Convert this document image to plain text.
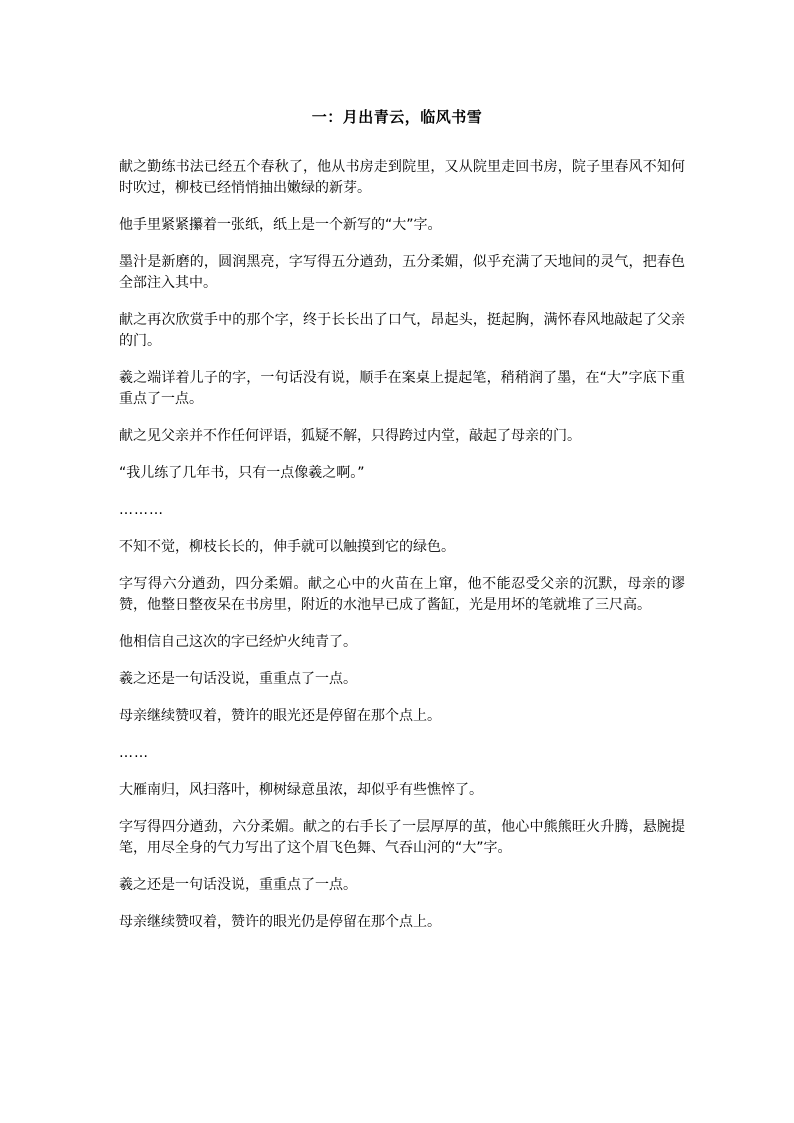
一：月出青云，临风书雪

献之勤练书法已经五个春秋了，他从书房走到院里，又从院里走回书房，院子里春风不知何时吹过，柳枝已经悄悄抽出嫩绿的新芽。

他手里紧紧攥着一张纸，纸上是一个新写的“大”字。

墨汁是新磨的，圆润黑亮，字写得五分遒劲，五分柔媚，似乎充满了天地间的灵气，把春色全部注入其中。

献之再次欣赏手中的那个字，终于长长出了口气，昂起头，挺起胸，满怀春风地敲起了父亲的门。

羲之端详着儿子的字，一句话没有说，顺手在案桌上提起笔，稍稍润了墨，在“大”字底下重重点了一点。

献之见父亲并不作任何评语，狐疑不解，只得跨过内堂，敲起了母亲的门。

“我儿练了几年书，只有一点像羲之啊。”

………

不知不觉，柳枝长长的，伸手就可以触摸到它的绿色。

字写得六分遒劲，四分柔媚。献之心中的火苗在上窜，他不能忍受父亲的沉默，母亲的谬赞，他整日整夜呆在书房里，附近的水池早已成了酱缸，光是用坏的笔就堆了三尺高。

他相信自己这次的字已经炉火纯青了。

羲之还是一句话没说，重重点了一点。

母亲继续赞叹着，赞许的眼光还是停留在那个点上。

……

大雁南归，风扫落叶，柳树绿意虽浓，却似乎有些憔悴了。

字写得四分遒劲，六分柔媚。献之的右手长了一层厚厚的茧，他心中熊熊旺火升腾，悬腕提笔，用尽全身的气力写出了这个眉飞色舞、气吞山河的“大”字。

羲之还是一句话没说，重重点了一点。

母亲继续赞叹着，赞许的眼光仍是停留在那个点上。
